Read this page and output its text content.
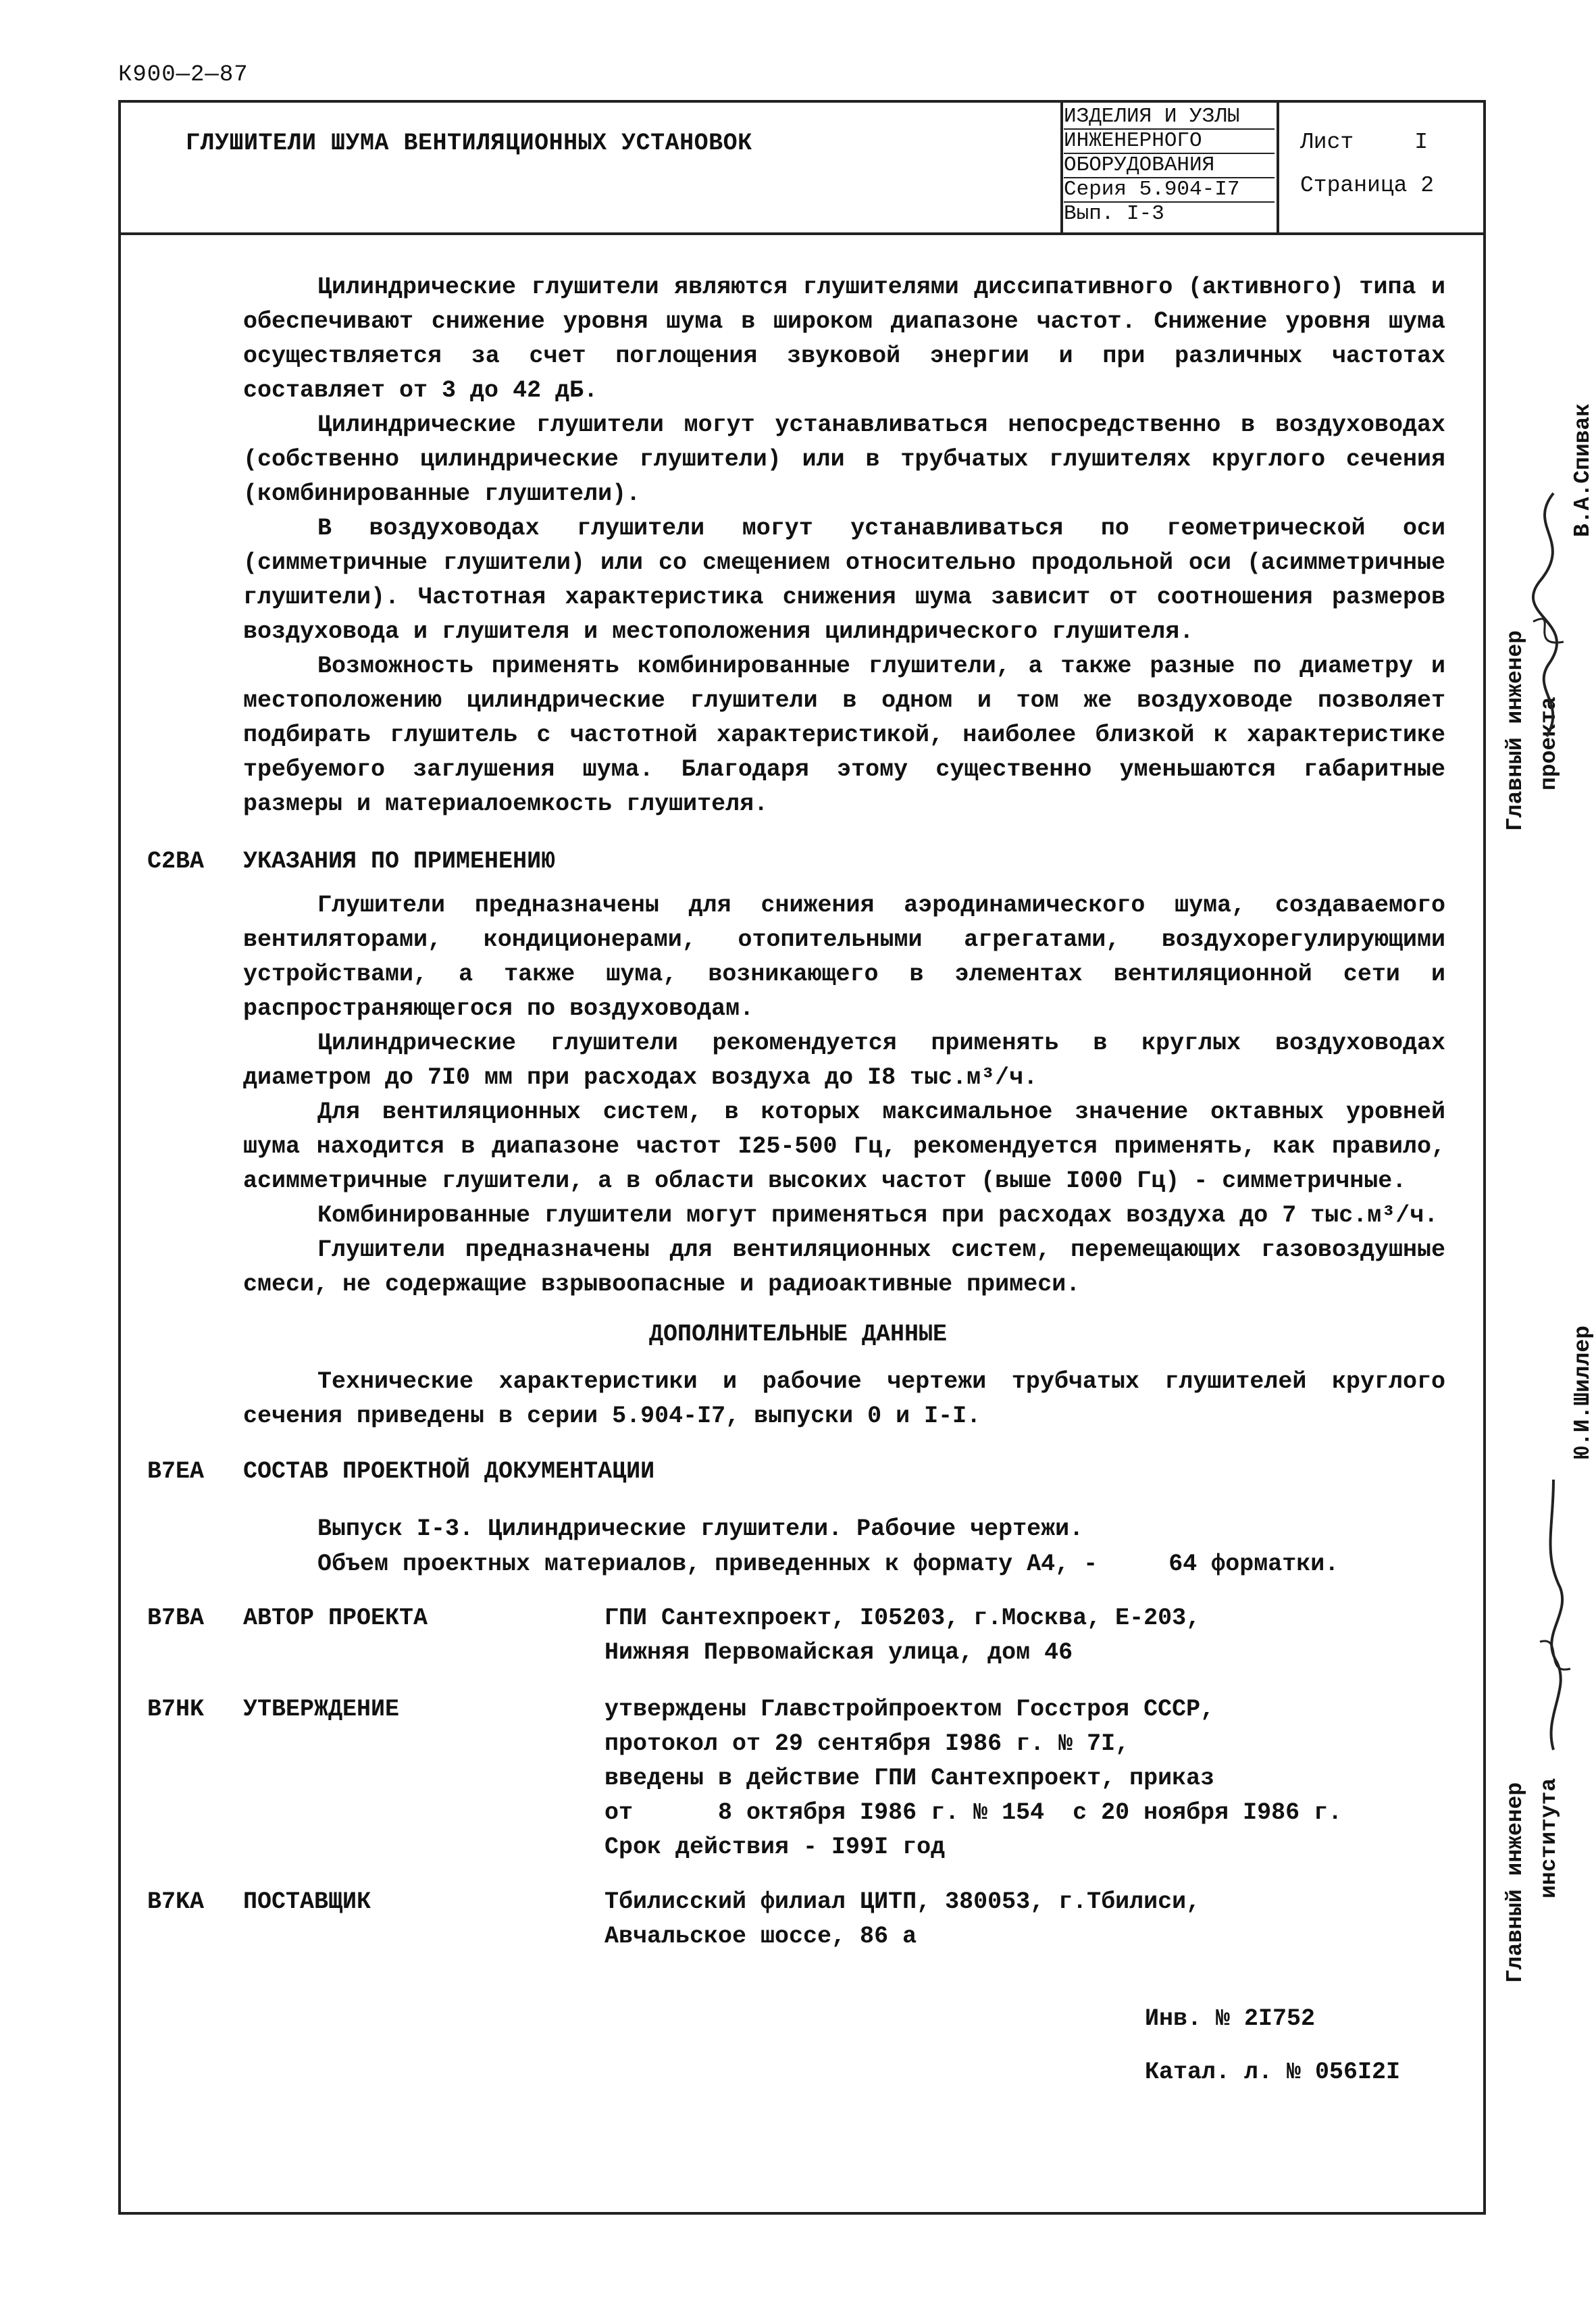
К900—2—87
ГЛУШИТЕЛИ ШУМА ВЕНТИЛЯЦИОННЫХ УСТАНОВОК
ИЗДЕЛИЯ И УЗЛЫ
ИНЖЕНЕРНОГО
ОБОРУДОВАНИЯ
Серия 5.904-I7
Вып. I-3
Лист	I
Страница 2

Цилиндрические глушители являются глушителями диссипативного (активного) типа и обеспечивают снижение уровня шума в широком диапазоне частот. Снижение уровня шума осуществляется за счет поглощения звуковой энергии и при различных частотах составляет от 3 до 42 дБ.

Цилиндрические глушители могут устанавливаться непосредственно в воздуховодах (собственно цилиндрические глушители) или в трубчатых глушителях круглого сечения (комбинированные глушители).

В воздуховодах глушители могут устанавливаться по геометрической оси (симметричные глушители) или со смещением относительно продольной оси (асимметричные глушители). Частотная характеристика снижения шума зависит от соотношения размеров воздуховода и глушителя и местоположения цилиндрического глушителя.

Возможность применять комбинированные глушители, а также разные по диаметру и местоположению цилиндрические глушители в одном и том же воздуховоде позволяет подбирать глушитель с частотной характеристикой, наиболее близкой к характеристике требуемого заглушения шума. Благодаря этому существенно уменьшаются габаритные размеры и материалоемкость глушителя.

C2BA УКАЗАНИЯ ПО ПРИМЕНЕНИЮ

Глушители предназначены для снижения аэродинамического шума, создаваемого вентиляторами, кондиционерами, отопительными агрегатами, воздухорегулирующими устройствами, а также шума, возникающего в элементах вентиляционной сети и распространяющегося по воздуховодам.

Цилиндрические глушители рекомендуется применять в круглых воздуховодах диаметром до 7I0 мм при расходах воздуха до I8 тыс.м³/ч.

Для вентиляционных систем, в которых максимальное значение октавных уровней шума находится в диапазоне частот I25-500 Гц, рекомендуется применять, как правило, асимметричные глушители, а в области высоких частот (выше I000 Гц) - симметричные.

Комбинированные глушители могут применяться при расходах воздуха до 7 тыс.м³/ч.

Глушители предназначены для вентиляционных систем, перемещающих газовоздушные смеси, не содержащие взрывоопасные и радиоактивные примеси.

ДОПОЛНИТЕЛЬНЫЕ ДАННЫЕ

Технические характеристики и рабочие чертежи трубчатых глушителей круглого сечения приведены в серии 5.904-I7, выпуски 0 и I-I.

B7EA СОСТАВ ПРОЕКТНОЙ ДОКУМЕНТАЦИИ
Выпуск I-3. Цилиндрические глушители. Рабочие чертежи.
Объем проектных материалов, приведенных к формату А4, -     64 форматки.
B7BA АВТОР ПРОЕКТА	ГПИ Сантехпроект, I05203, г.Москва, Е-203,
Нижняя Первомайская улица, дом 46
B7HK УТВЕРЖДЕНИЕ	утверждены Главстройпроектом Госстроя СССР,
протокол от 29 сентября I986 г. № 7I,
введены в действие ГПИ Сантехпроект, приказ
от      8 октября I986 г. № 154  с 20 ноября I986 г.
Срок действия - I99I год
B7KA ПОСТАВЩИК	Тбилисский филиал ЦИТП, 380053, г.Тбилиси,
Авчальское шоссе, 86 а
Инв. № 2I752
Катал. л. № 056I2I
Главный инженер проекта
В.А.Спивак
Главный инженер института
Ю.И.Шиллер
